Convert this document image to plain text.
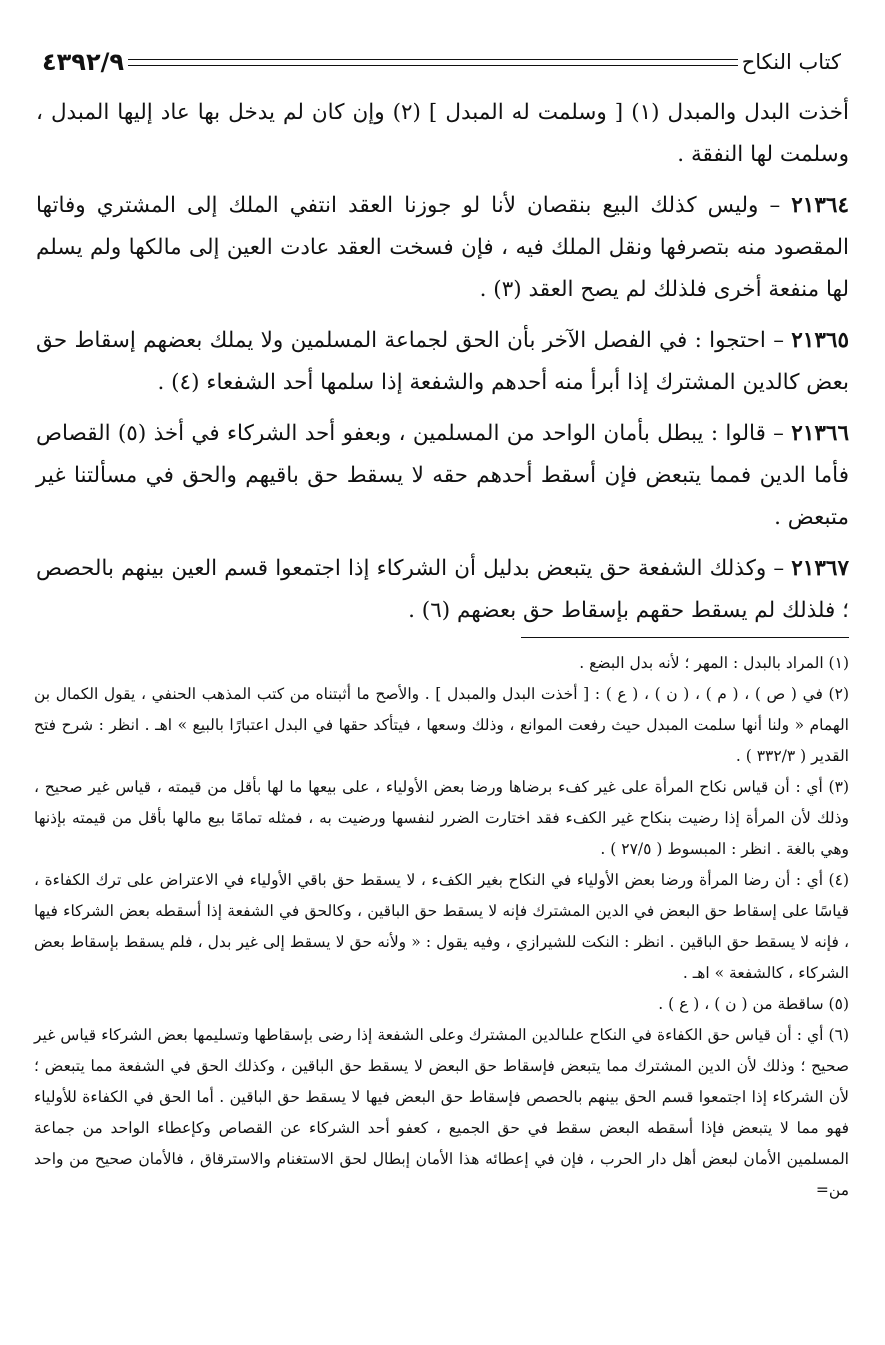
كتاب النكاح
٤٣٩٢/٩

أخذت البدل والمبدل (١) [ وسلمت له المبدل ] (٢) وإن كان لم يدخل بها عاد إليها المبدل ، وسلمت لها النفقة .

٢١٣٦٤ – وليس كذلك البيع بنقصان لأنا لو جوزنا العقد انتفي الملك إلى المشتري وفاتها المقصود منه بتصرفها ونقل الملك فيه ، فإن فسخت العقد عادت العين إلى مالكها ولم يسلم لها منفعة أخرى فلذلك لم يصح العقد (٣) .

٢١٣٦٥ – احتجوا : في الفصل الآخر بأن الحق لجماعة المسلمين ولا يملك بعضهم إسقاط حق بعض كالدين المشترك إذا أبرأ منه أحدهم والشفعة إذا سلمها أحد الشفعاء (٤) .

٢١٣٦٦ – قالوا : يبطل بأمان الواحد من المسلمين ، وبعفو أحد الشركاء في أخذ (٥) القصاص فأما الدين فمما يتبعض فإن أسقط أحدهم حقه لا يسقط حق باقيهم والحق في مسألتنا غير متبعض .

٢١٣٦٧ – وكذلك الشفعة حق يتبعض بدليل أن الشركاء إذا اجتمعوا قسم العين بينهم بالحصص ؛ فلذلك لم يسقط حقهم بإسقاط حق بعضهم (٦) .

(١) المراد بالبدل : المهر ؛ لأنه بدل البضع .

(٢) في ( ص ) ، ( م ) ، ( ن ) ، ( ع ) : [ أخذت البدل والمبدل ] . والأصح ما أثبتناه من كتب المذهب الحنفي ، يقول الكمال بن الهمام « ولنا أنها سلمت المبدل حيث رفعت الموانع ، وذلك وسعها ، فيتأكد حقها في البدل اعتبارًا بالبيع » اهـ . انظر : شرح فتح القدير ( ٣٣٢/٣ ) .

(٣) أي : أن قياس نكاح المرأة على غير كفء برضاها ورضا بعض الأولياء ، على بيعها ما لها بأقل من قيمته ، قياس غير صحيح ، وذلك لأن المرأة إذا رضيت بنكاح غير الكفء فقد اختارت الضرر لنفسها ورضيت به ، فمثله تمامًا بيع مالها بأقل من قيمته بإذنها وهي بالغة . انظر : المبسوط ( ٢٧/٥ ) .

(٤) أي : أن رضا المرأة ورضا بعض الأولياء في النكاح بغير الكفء ، لا يسقط حق باقي الأولياء في الاعتراض على ترك الكفاءة ، قياسًا على إسقاط حق البعض في الدين المشترك فإنه لا يسقط حق الباقين ، وكالحق في الشفعة إذا أسقطه بعض الشركاء فيها ، فإنه لا يسقط حق الباقين . انظر : النكت للشيرازي ، وفيه يقول : « ولأنه حق لا يسقط إلى غير بدل ، فلم يسقط بإسقاط بعض الشركاء ، كالشفعة » اهـ .

(٥) ساقطة من ( ن ) ، ( ع ) .

(٦) أي : أن قياس حق الكفاءة في النكاح علىالدين المشترك وعلى الشفعة إذا رضى بإسقاطها وتسليمها بعض الشركاء قياس غير صحيح ؛ وذلك لأن الدين المشترك مما يتبعض فإسقاط حق البعض لا يسقط حق الباقين ، وكذلك الحق في الشفعة مما يتبعض ؛ لأن الشركاء إذا اجتمعوا قسم الحق بينهم بالحصص فإسقاط حق البعض فيها لا يسقط حق الباقين . أما الحق في الكفاءة للأولياء فهو مما لا يتبعض فإذا أسقطه البعض سقط في حق الجميع ، كعفو أحد الشركاء عن القصاص وكإعطاء الواحد من جماعة المسلمين الأمان لبعض أهل دار الحرب ، فإن في إعطائه هذا الأمان إبطال لحق الاستغنام والاسترقاق ، فالأمان صحيح من واحد من=
